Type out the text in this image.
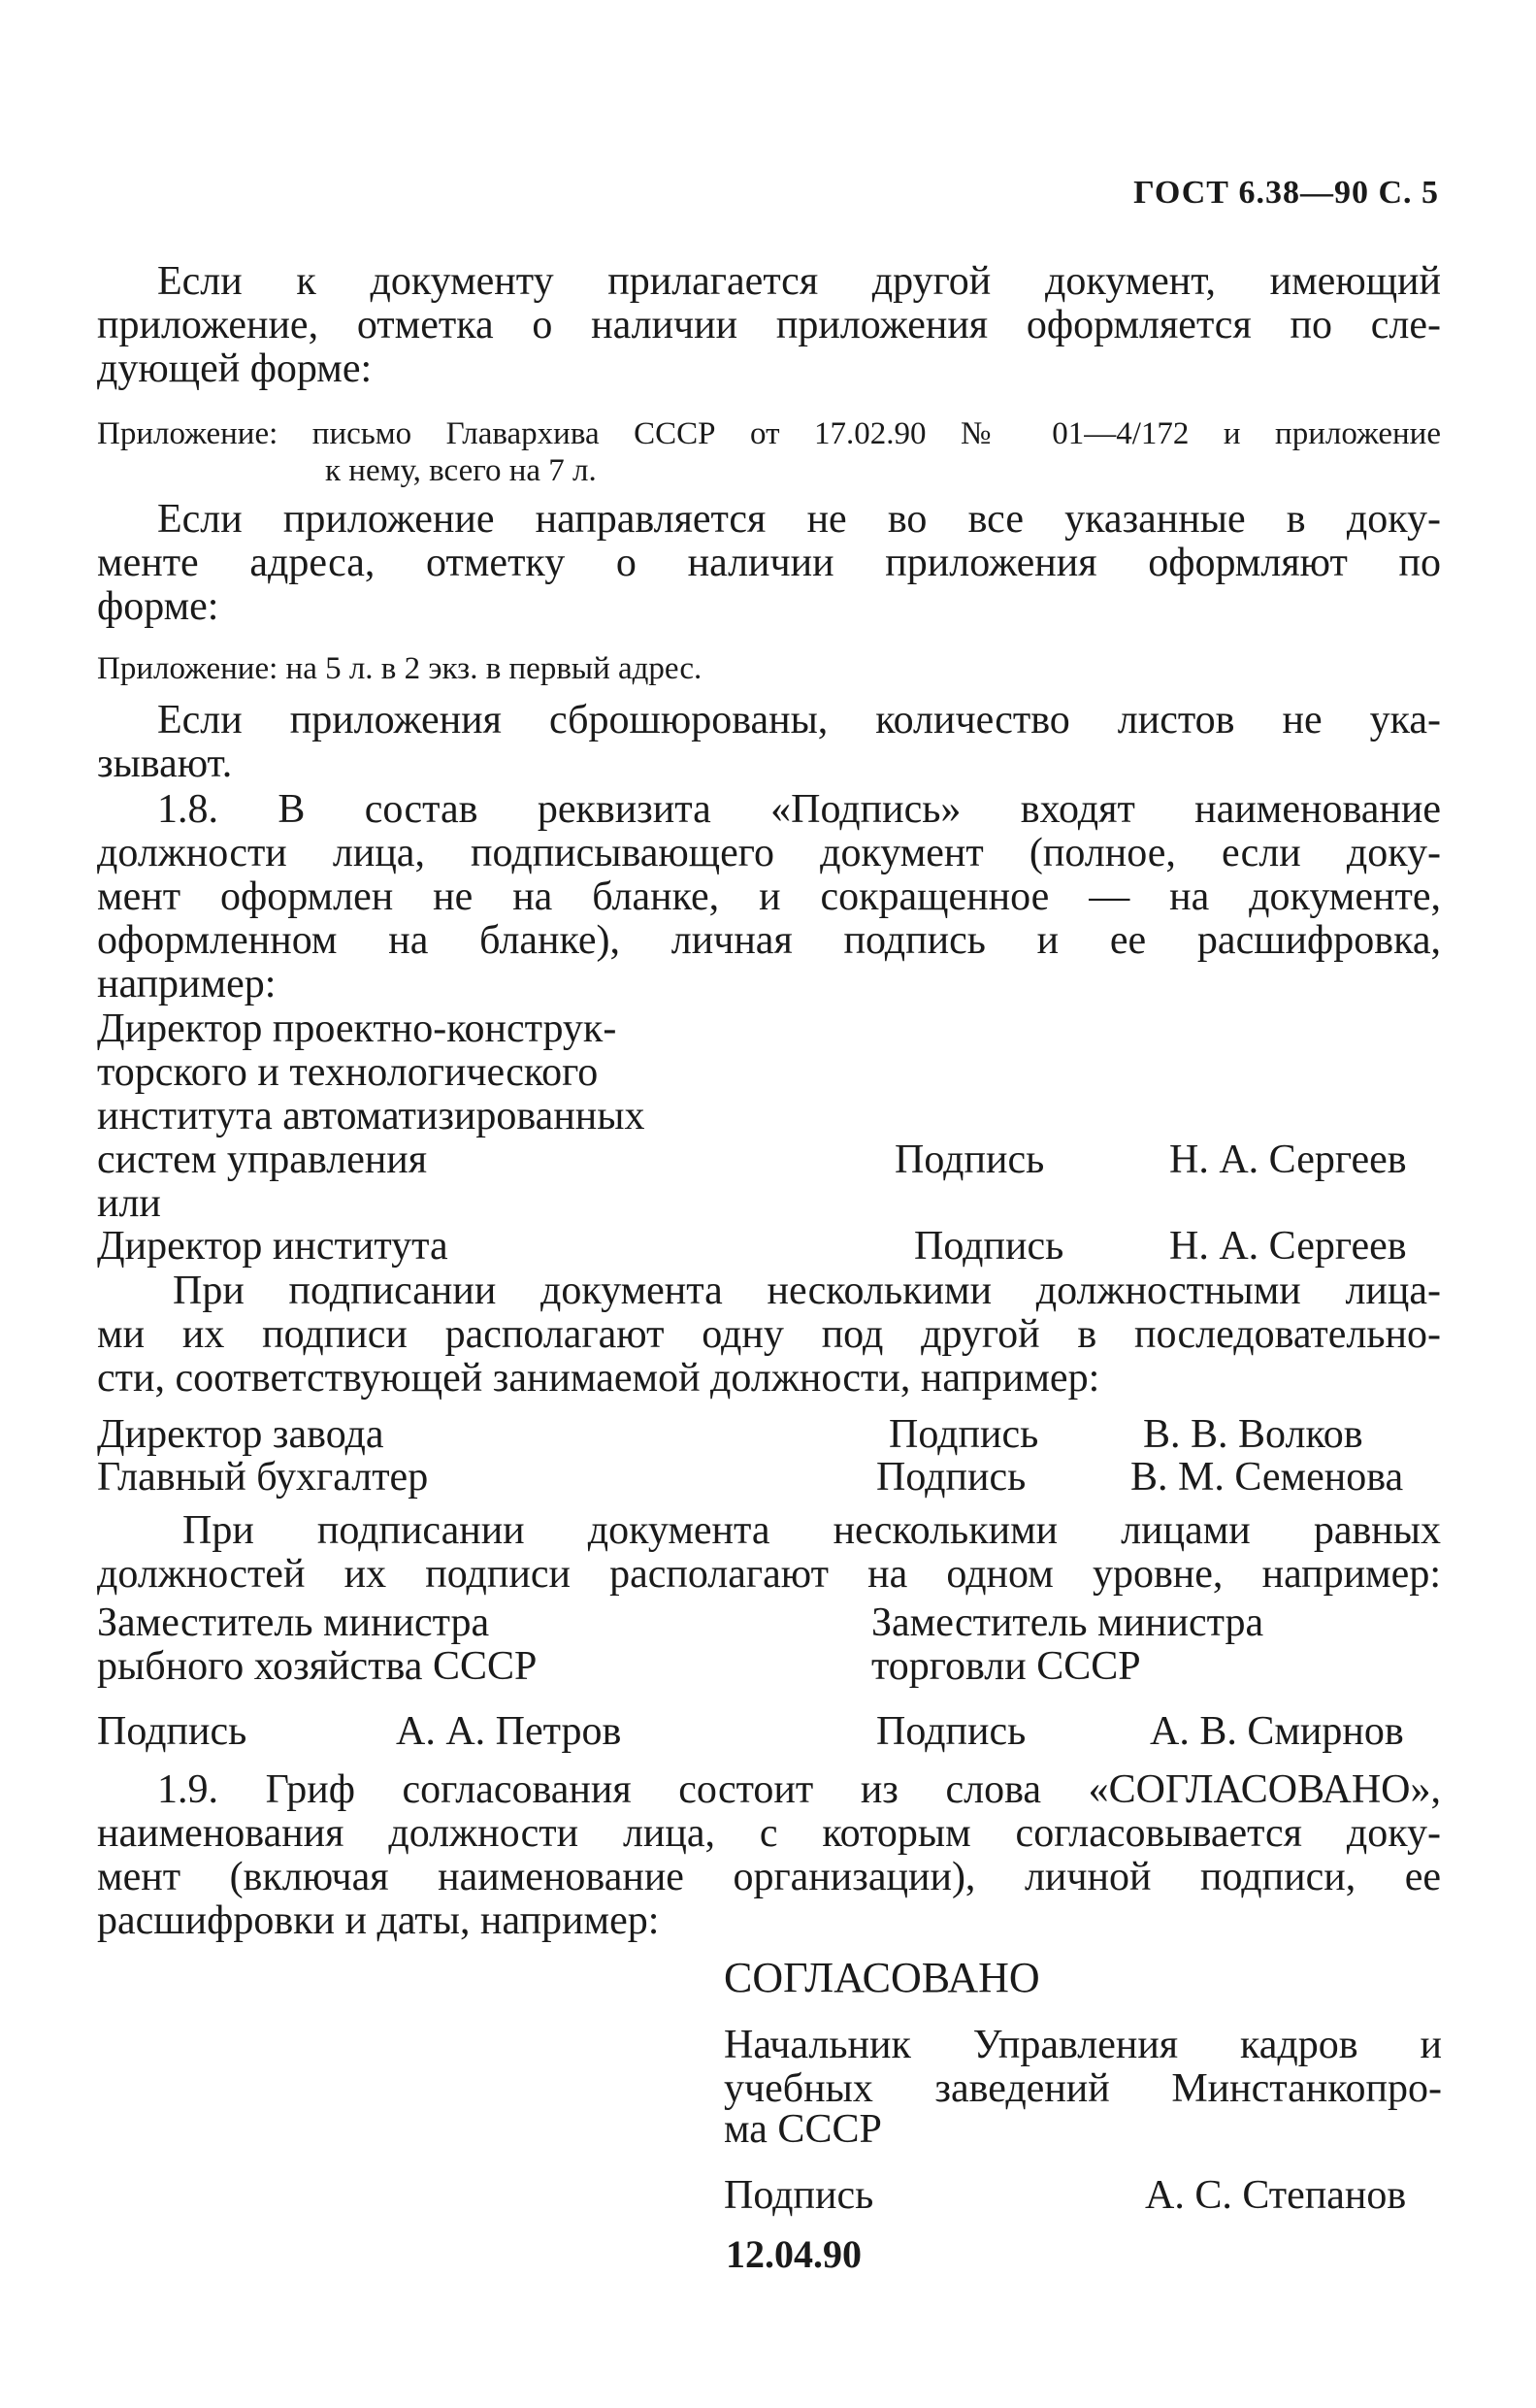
ГОСТ 6.38—90 С. 5
Если к документу прилагается другой документ, имеющий
приложение, отметка о наличии приложения оформляется по сле-
дующей форме:
Приложение: письмо Главархива СССР от 17.02.90 № 01—4/172 и приложение
к нему, всего на 7 л.
Если приложение направляется не во все указанные в доку-
менте адреса, отметку о наличии приложения оформляют по
форме:
Приложение: на 5 л. в 2 экз. в первый адрес.
Если приложения сброшюрованы, количество листов не ука-
зывают.
1.8. В состав реквизита «Подпись» входят наименование
должности лица, подписывающего документ (полное, если доку-
мент оформлен не на бланке, и сокращенное — на документе,
оформленном на бланке), личная подпись и ее расшифровка,
например:
Директор проектно-конструк-
торского и технологического
института автоматизированных
систем управления	Подпись	Н. А. Сергеев
или
Директор института	Подпись	Н. А. Сергеев
При подписании документа несколькими должностными лица-
ми их подписи располагают одну под другой в последовательно-
сти, соответствующей занимаемой должности, например:
Директор завода	Подпись	В. В. Волков
Главный бухгалтер	Подпись	В. М. Семенова
При подписании документа несколькими лицами равных
должностей их подписи располагают на одном уровне, например:
Заместитель министра
рыбного хозяйства СССР
Подпись	А. А. Петров
Заместитель министра
торговли СССР
Подпись	А. В. Смирнов
1.9. Гриф согласования состоит из слова «СОГЛАСОВАНО»,
наименования должности лица, с которым согласовывается доку-
мент (включая наименование организации), личной подписи, ее
расшифровки и даты, например:
СОГЛАСОВАНО
Начальник Управления кадров и
учебных заведений Минстанкопро-
ма СССР
Подпись	А. С. Степанов
12.04.90
